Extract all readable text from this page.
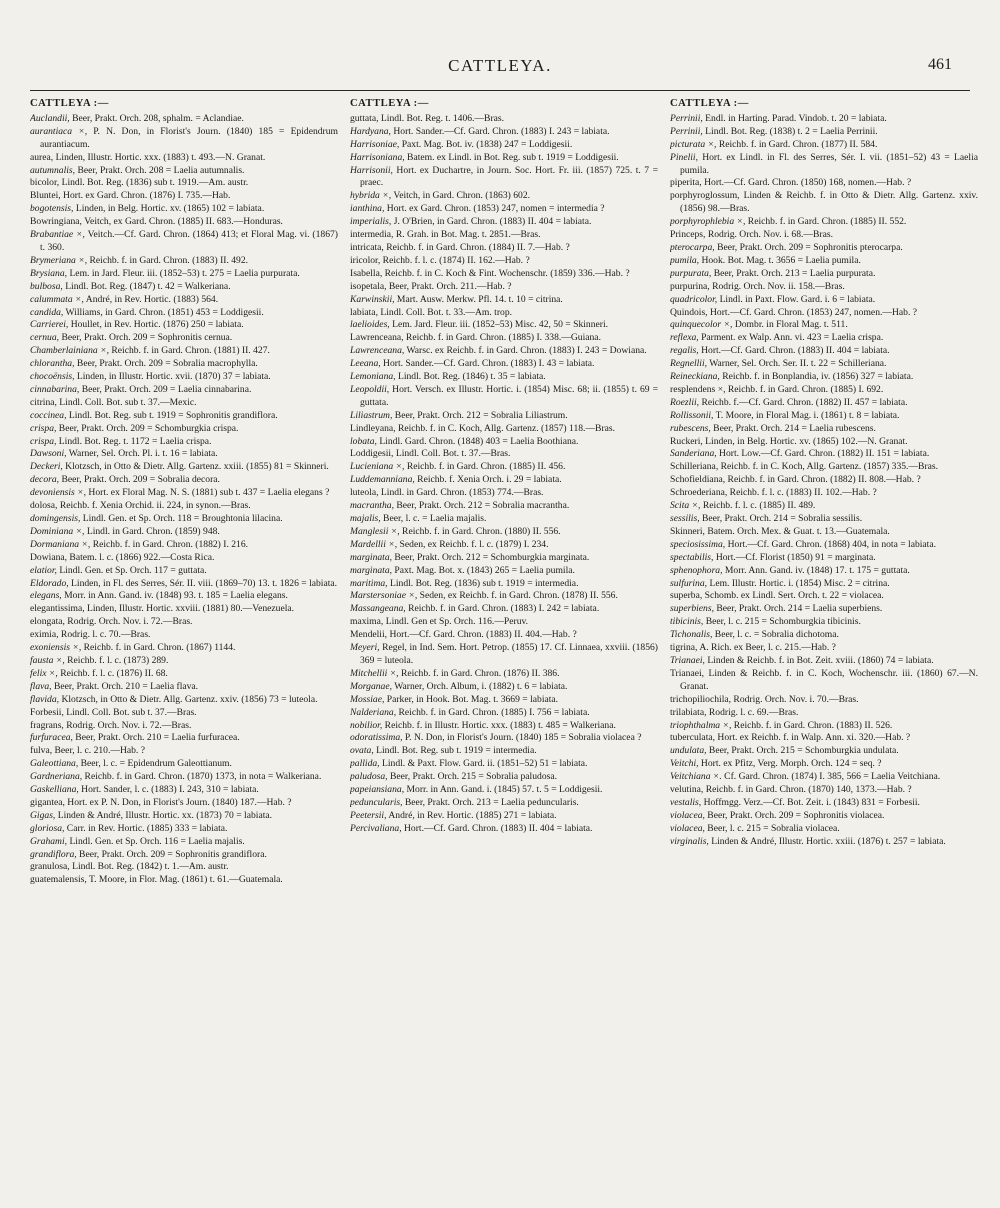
CATTLEYA.	461
CATTLEYA :—
Auclandii, Beer, Prakt. Orch. 208, sphalm. = Aclandiae.
aurantiaca ×, P. N. Don, in Florist's Journ. (1840) 185 = Epidendrum aurantiacum.
aurea, Linden, Illustr. Hortic. xxx. (1883) t. 493.—N. Granat.
autumnalis, Beer, Prakt. Orch. 208 = Laelia autumnalis.
bicolor, Lindl. Bot. Reg. (1836) sub t. 1919.—Am. austr.
Bluntei, Hort. ex Gard. Chron. (1876) I. 735.—Hab.
bogotensis, Linden, in Belg. Hortic. xv. (1865) 102 = labiata.
Bowringiana, Veitch, ex Gard. Chron. (1885) II. 683.—Honduras.
Brabantiae ×, Veitch.—Cf. Gard. Chron. (1864) 413; et Floral Mag. vi. (1867) t. 360.
Brymeriana ×, Reichb. f. in Gard. Chron. (1883) II. 492.
Brysiana, Lem. in Jard. Fleur. iii. (1852–53) t. 275 = Laelia purpurata.
bulbosa, Lindl. Bot. Reg. (1847) t. 42 = Walkeriana.
calummata ×, André, in Rev. Hortic. (1883) 564.
candida, Williams, in Gard. Chron. (1851) 453 = Loddigesii.
Carrierei, Houllet, in Rev. Hortic. (1876) 250 = labiata.
cernua, Beer, Prakt. Orch. 209 = Sophronitis cernua.
Chamberlainiana ×, Reichb. f. in Gard. Chron. (1881) II. 427.
chlorantha, Beer, Prakt. Orch. 209 = Sobralia macrophylla.
chocoënsis, Linden, in Illustr. Hortic. xvii. (1870) 37 = labiata.
cinnabarina, Beer, Prakt. Orch. 209 = Laelia cinnabarina.
citrina, Lindl. Coll. Bot. sub t. 37.—Mexic.
coccinea, Lindl. Bot. Reg. sub t. 1919 = Sophronitis grandiflora.
crispa, Beer, Prakt. Orch. 209 = Schomburgkia crispa.
crispa, Lindl. Bot. Reg. t. 1172 = Laelia crispa.
Dawsoni, Warner, Sel. Orch. Pl. i. t. 16 = labiata.
Deckeri, Klotzsch, in Otto & Dietr. Allg. Gartenz. xxiii. (1855) 81 = Skinneri.
decora, Beer, Prakt. Orch. 209 = Sobralia decora.
devoniensis ×, Hort. ex Floral Mag. N. S. (1881) sub t. 437 = Laelia elegans ?
dolosa, Reichb. f. Xenia Orchid. ii. 224, in synon.—Bras.
domingensis, Lindl. Gen. et Sp. Orch. 118 = Broughtonia lilacina.
Dominiana ×, Lindl. in Gard. Chron. (1859) 948.
Dormaniana ×, Reichb. f. in Gard. Chron. (1882) I. 216.
Dowiana, Batem. l. c. (1866) 922.—Costa Rica.
elatior, Lindl. Gen. et Sp. Orch. 117 = guttata.
Eldorado, Linden, in Fl. des Serres, Sér. II. viii. (1869–70) 13. t. 1826 = labiata.
elegans, Morr. in Ann. Gand. iv. (1848) 93. t. 185 = Laelia elegans.
elegantissima, Linden, Illustr. Hortic. xxviii. (1881) 80.—Venezuela.
elongata, Rodrig. Orch. Nov. i. 72.—Bras.
eximia, Rodrig. l. c. 70.—Bras.
exoniensis ×, Reichb. f. in Gard. Chron. (1867) 1144.
fausta ×, Reichb. f. l. c. (1873) 289.
felix ×, Reichb. f. l. c. (1876) II. 68.
flava, Beer, Prakt. Orch. 210 = Laelia flava.
flavida, Klotzsch, in Otto & Dietr. Allg. Gartenz. xxiv. (1856) 73 = luteola.
Forbesii, Lindl. Coll. Bot. sub t. 37.—Bras.
fragrans, Rodrig. Orch. Nov. i. 72.—Bras.
furfuracea, Beer, Prakt. Orch. 210 = Laelia furfuracea.
fulva, Beer, l. c. 210.—Hab. ?
Galeottiana, Beer, l. c. = Epidendrum Galeottianum.
Gardneriana, Reichb. f. in Gard. Chron. (1870) 1373, in nota = Walkeriana.
Gaskelliana, Hort. Sander, l. c. (1883) I. 243, 310 = labiata.
gigantea, Hort. ex P. N. Don, in Florist's Journ. (1840) 187.—Hab. ?
Gigas, Linden & André, Illustr. Hortic. xx. (1873) 70 = labiata.
gloriosa, Carr. in Rev. Hortic. (1885) 333 = labiata.
Grahami, Lindl. Gen. et Sp. Orch. 116 = Laelia majalis.
grandiflora, Beer, Prakt. Orch. 209 = Sophronitis grandiflora.
granulosa, Lindl. Bot. Reg. (1842) t. 1.—Am. austr.
guatemalensis, T. Moore, in Flor. Mag. (1861) t. 61.—Guatemala.
CATTLEYA :—
guttata, Lindl. Bot. Reg. t. 1406.—Bras.
Hardyana, Hort. Sander.—Cf. Gard. Chron. (1883) I. 243 = labiata.
Harrisoniae, Paxt. Mag. Bot. iv. (1838) 247 = Loddigesii.
Harrisoniana, Batem. ex Lindl. in Bot. Reg. sub t. 1919 = Loddigesii.
Harrisonii, Hort. ex Duchartre, in Journ. Soc. Hort. Fr. iii. (1857) 725. t. 7 = praec.
hybrida ×, Veitch, in Gard. Chron. (1863) 602.
ianthina, Hort. ex Gard. Chron. (1853) 247, nomen = intermedia ?
imperialis, J. O'Brien, in Gard. Chron. (1883) II. 404 = labiata.
intermedia, R. Grah. in Bot. Mag. t. 2851.—Bras.
intricata, Reichb. f. in Gard. Chron. (1884) II. 7.—Hab. ?
iricolor, Reichb. f. l. c. (1874) II. 162.—Hab. ?
Isabella, Reichb. f. in C. Koch & Fint. Wochenschr. (1859) 336.—Hab. ?
isopetala, Beer, Prakt. Orch. 211.—Hab. ?
Karwinskii, Mart. Ausw. Merkw. Pfl. 14. t. 10 = citrina.
labiata, Lindl. Coll. Bot. t. 33.—Am. trop.
laelioides, Lem. Jard. Fleur. iii. (1852–53) Misc. 42, 50 = Skinneri.
Lawrenceana, Reichb. f. in Gard. Chron. (1885) I. 338.—Guiana.
Lawrenceana, Warsc. ex Reichb. f. in Gard. Chron. (1883) I. 243 = Dowiana.
Leeana, Hort. Sander.—Cf. Gard. Chron. (1883) I. 43 = labiata.
Lemoniana, Lindl. Bot. Reg. (1846) t. 35 = labiata.
Leopoldii, Hort. Versch. ex Illustr. Hortic. i. (1854) Misc. 68; ii. (1855) t. 69 = guttata.
Liliastrum, Beer, Prakt. Orch. 212 = Sobralia Liliastrum.
Lindleyana, Reichb. f. in C. Koch, Allg. Gartenz. (1857) 118.—Bras.
lobata, Lindl. Gard. Chron. (1848) 403 = Laelia Boothiana.
Loddigesii, Lindl. Coll. Bot. t. 37.—Bras.
Lucieniana ×, Reichb. f. in Gard. Chron. (1885) II. 456.
Luddemanniana, Reichb. f. Xenia Orch. i. 29 = labiata.
luteola, Lindl. in Gard. Chron. (1853) 774.—Bras.
macrantha, Beer, Prakt. Orch. 212 = Sobralia macrantha.
majalis, Beer, l. c. = Laelia majalis.
Manglesii ×, Reichb. f. in Gard. Chron. (1880) II. 556.
Mardellii ×, Seden, ex Reichb. f. l. c. (1879) I. 234.
marginata, Beer, Prakt. Orch. 212 = Schomburgkia marginata.
marginata, Paxt. Mag. Bot. x. (1843) 265 = Laelia pumila.
maritima, Lindl. Bot. Reg. (1836) sub t. 1919 = intermedia.
Marstersoniae ×, Seden, ex Reichb. f. in Gard. Chron. (1878) II. 556.
Massangeana, Reichb. f. in Gard. Chron. (1883) I. 242 = labiata.
maxima, Lindl. Gen et Sp. Orch. 116.—Peruv.
Mendelii, Hort.—Cf. Gard. Chron. (1883) II. 404.—Hab. ?
Meyeri, Regel, in Ind. Sem. Hort. Petrop. (1855) 17. Cf. Linnaea, xxviii. (1856) 369 = luteola.
Mitchellii ×, Reichb. f. in Gard. Chron. (1876) II. 386.
Morganae, Warner, Orch. Album, i. (1882) t. 6 = labiata.
Mossiae, Parker, in Hook. Bot. Mag. t. 3669 = labiata.
Nalderiana, Reichb. f. in Gard. Chron. (1885) I. 756 = labiata.
nobilior, Reichb. f. in Illustr. Hortic. xxx. (1883) t. 485 = Walkeriana.
odoratissima, P. N. Don, in Florist's Journ. (1840) 185 = Sobralia violacea ?
ovata, Lindl. Bot. Reg. sub t. 1919 = intermedia.
pallida, Lindl. & Paxt. Flow. Gard. ii. (1851–52) 51 = labiata.
paludosa, Beer, Prakt. Orch. 215 = Sobralia paludosa.
papeiansiana, Morr. in Ann. Gand. i. (1845) 57. t. 5 = Loddigesii.
peduncularis, Beer, Prakt. Orch. 213 = Laelia peduncularis.
Peetersii, André, in Rev. Hortic. (1885) 271 = labiata.
Percivaliana, Hort.—Cf. Gard. Chron. (1883) II. 404 = labiata.
CATTLEYA :—
Perrinii, Endl. in Harting. Parad. Vindob. t. 20 = labiata.
Perrinii, Lindl. Bot. Reg. (1838) t. 2 = Laelia Perrinii.
picturata ×, Reichb. f. in Gard. Chron. (1877) II. 584.
Pinelii, Hort. ex Lindl. in Fl. des Serres, Sér. I. vii. (1851–52) 43 = Laelia pumila.
piperita, Hort.—Cf. Gard. Chron. (1850) 168, nomen.—Hab. ?
porphyroglossum, Linden & Reichb. f. in Otto & Dietr. Allg. Gartenz. xxiv. (1856) 98.—Bras.
porphyrophlebia ×, Reichb. f. in Gard. Chron. (1885) II. 552.
Princeps, Rodrig. Orch. Nov. i. 68.—Bras.
pterocarpa, Beer, Prakt. Orch. 209 = Sophronitis pterocarpa.
pumila, Hook. Bot. Mag. t. 3656 = Laelia pumila.
purpurata, Beer, Prakt. Orch. 213 = Laelia purpurata.
purpurina, Rodrig. Orch. Nov. ii. 158.—Bras.
quadricolor, Lindl. in Paxt. Flow. Gard. i. 6 = labiata.
Quindois, Hort.—Cf. Gard. Chron. (1853) 247, nomen.—Hab. ?
quinquecolor ×, Dombr. in Floral Mag. t. 511.
reflexa, Parment. ex Walp. Ann. vi. 423 = Laelia crispa.
regalis, Hort.—Cf. Gard. Chron. (1883) II. 404 = labiata.
Regnellii, Warner, Sel. Orch. Ser. II. t. 22 = Schilleriana.
Reineckiana, Reichb. f. in Bonplandia, iv. (1856) 327 = labiata.
resplendens ×, Reichb. f. in Gard. Chron. (1885) I. 692.
Roezlii, Reichb. f.—Cf. Gard. Chron. (1882) II. 457 = labiata.
Rollissonii, T. Moore, in Floral Mag. i. (1861) t. 8 = labiata.
rubescens, Beer, Prakt. Orch. 214 = Laelia rubescens.
Ruckeri, Linden, in Belg. Hortic. xv. (1865) 102.—N. Granat.
Sanderiana, Hort. Low.—Cf. Gard. Chron. (1882) II. 151 = labiata.
Schilleriana, Reichb. f. in C. Koch, Allg. Gartenz. (1857) 335.—Bras.
Schofieldiana, Reichb. f. in Gard. Chron. (1882) II. 808.—Hab. ?
Schroederiana, Reichb. f. l. c. (1883) II. 102.—Hab. ?
Scita ×, Reichb. f. l. c. (1885) II. 489.
sessilis, Beer, Prakt. Orch. 214 = Sobralia sessilis.
Skinneri, Batem. Orch. Mex. & Guat. t. 13.—Guatemala.
speciosissima, Hort.—Cf. Gard. Chron. (1868) 404, in nota = labiata.
spectabilis, Hort.—Cf. Florist (1850) 91 = marginata.
sphenophora, Morr. Ann. Gand. iv. (1848) 17. t. 175 = guttata.
sulfurina, Lem. Illustr. Hortic. i. (1854) Misc. 2 = citrina.
superba, Schomb. ex Lindl. Sert. Orch. t. 22 = violacea.
superbiens, Beer, Prakt. Orch. 214 = Laelia superbiens.
tibicinis, Beer, l. c. 215 = Schomburgkia tibicinis.
Tichonalis, Beer, l. c. = Sobralia dichotoma.
tigrina, A. Rich. ex Beer, l. c. 215.—Hab. ?
Trianaei, Linden & Reichb. f. in Bot. Zeit. xviii. (1860) 74 = labiata.
Trianaei, Linden & Reichb. f. in C. Koch, Wochenschr. iii. (1860) 67.—N. Granat.
trichopiliochila, Rodrig. Orch. Nov. i. 70.—Bras.
trilabiata, Rodrig. l. c. 69.—Bras.
triophthalma ×, Reichb. f. in Gard. Chron. (1883) II. 526.
tuberculata, Hort. ex Reichb. f. in Walp. Ann. xi. 320.—Hab. ?
undulata, Beer, Prakt. Orch. 215 = Schomburgkia undulata.
Veitchi, Hort. ex Pfitz, Verg. Morph. Orch. 124 = seq. ?
Veitchiana ×. Cf. Gard. Chron. (1874) I. 385, 566 = Laelia Veitchiana.
velutina, Reichb. f. in Gard. Chron. (1870) 140, 1373.—Hab. ?
vestalis, Hoffmgg. Verz.—Cf. Bot. Zeit. i. (1843) 831 = Forbesii.
violacea, Beer, Prakt. Orch. 209 = Sophronitis violacea.
violacea, Beer, l. c. 215 = Sobralia violacea.
virginalis, Linden & André, Illustr. Hortic. xxiii. (1876) t. 257 = labiata.
